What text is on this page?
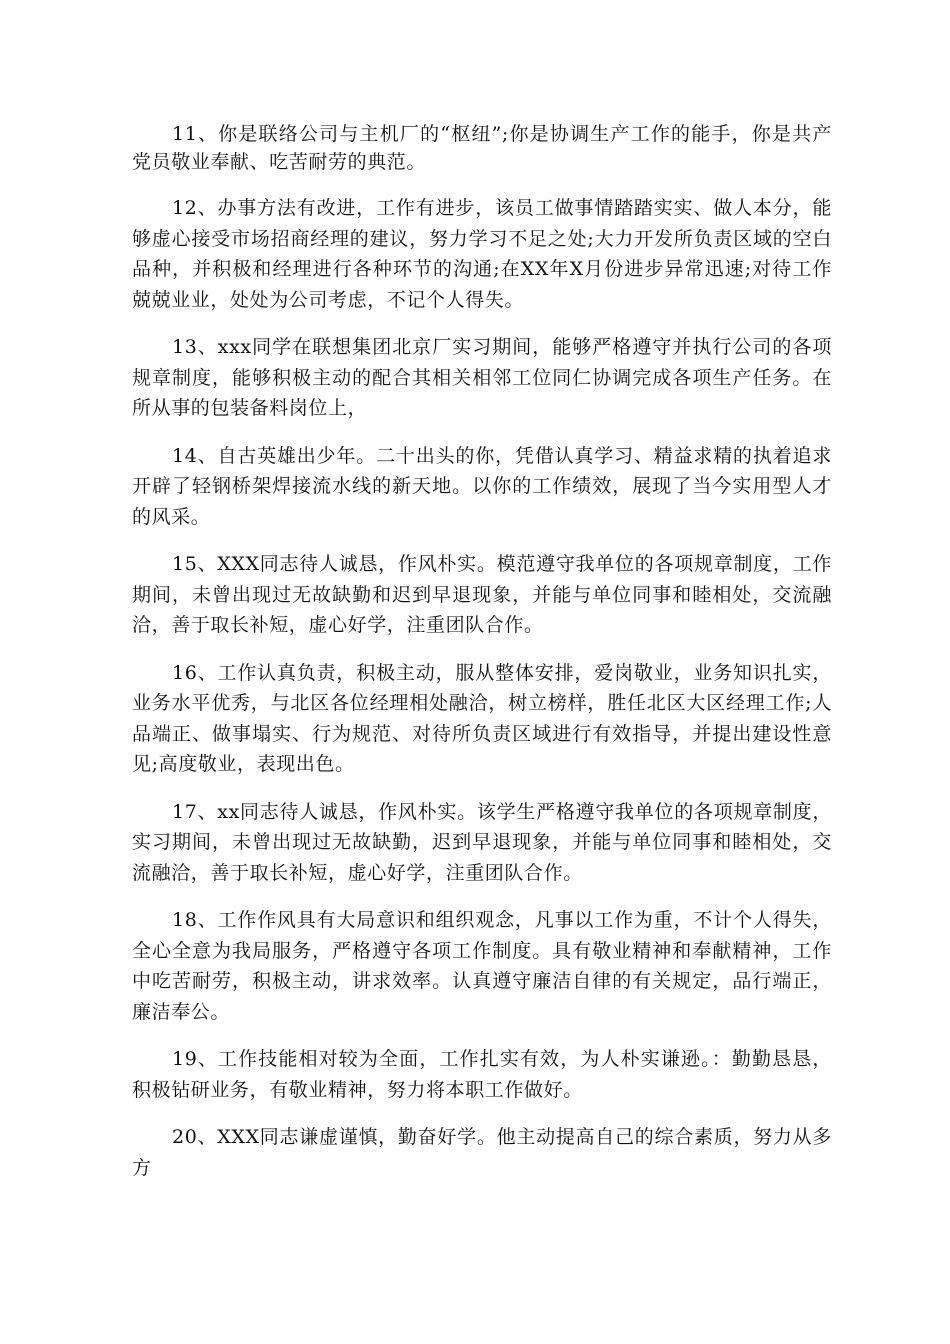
11、你是联络公司与主机厂的“枢纽”;你是协调生产工作的能手，你是共产党员敬业奉献、吃苦耐劳的典范。

12、办事方法有改进，工作有进步，该员工做事情踏踏实实、做人本分，能够虚心接受市场招商经理的建议，努力学习不足之处;大力开发所负责区域的空白品种，并积极和经理进行各种环节的沟通;在XX年X月份进步异常迅速;对待工作兢兢业业，处处为公司考虑，不记个人得失。

13、xxx同学在联想集团北京厂实习期间，能够严格遵守并执行公司的各项规章制度，能够积极主动的配合其相关相邻工位同仁协调完成各项生产任务。在所从事的包装备料岗位上，

14、自古英雄出少年。二十出头的你，凭借认真学习、精益求精的执着追求开辟了轻钢桥架焊接流水线的新天地。以你的工作绩效，展现了当今实用型人才的风采。

15、XXX同志待人诚恳，作风朴实。模范遵守我单位的各项规章制度，工作期间，未曾出现过无故缺勤和迟到早退现象，并能与单位同事和睦相处，交流融洽，善于取长补短，虚心好学，注重团队合作。

16、工作认真负责，积极主动，服从整体安排，爱岗敬业，业务知识扎实，业务水平优秀，与北区各位经理相处融洽，树立榜样，胜任北区大区经理工作;人品端正、做事塌实、行为规范、对待所负责区域进行有效指导，并提出建设性意见;高度敬业，表现出色。

17、xx同志待人诚恳，作风朴实。该学生严格遵守我单位的各项规章制度，实习期间，未曾出现过无故缺勤，迟到早退现象，并能与单位同事和睦相处，交流融洽，善于取长补短，虚心好学，注重团队合作。

18、工作作风具有大局意识和组织观念，凡事以工作为重，不计个人得失，全心全意为我局服务，严格遵守各项工作制度。具有敬业精神和奉献精神，工作中吃苦耐劳，积极主动，讲求效率。认真遵守廉洁自律的有关规定，品行端正，廉洁奉公。

19、工作技能相对较为全面，工作扎实有效，为人朴实谦逊。：勤勤恳恳，积极钻研业务，有敬业精神，努力将本职工作做好。

20、XXX同志谦虚谨慎，勤奋好学。他主动提高自己的综合素质，努力从多方
